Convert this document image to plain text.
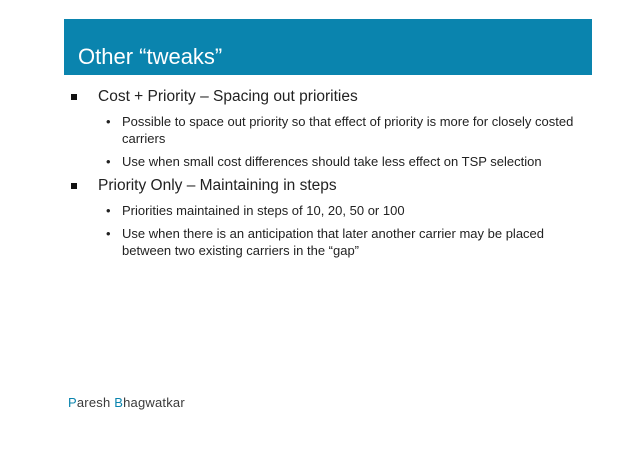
Other “tweaks”
Cost + Priority – Spacing out priorities
• Possible to space out priority so that effect of priority is more for closely costed carriers
• Use when small cost differences should take less effect on TSP selection
Priority Only – Maintaining in steps
• Priorities maintained in steps of 10, 20, 50 or 100
• Use when there is an anticipation that later another carrier may be placed between two existing carriers in the “gap”
Paresh Bhagwatkar
